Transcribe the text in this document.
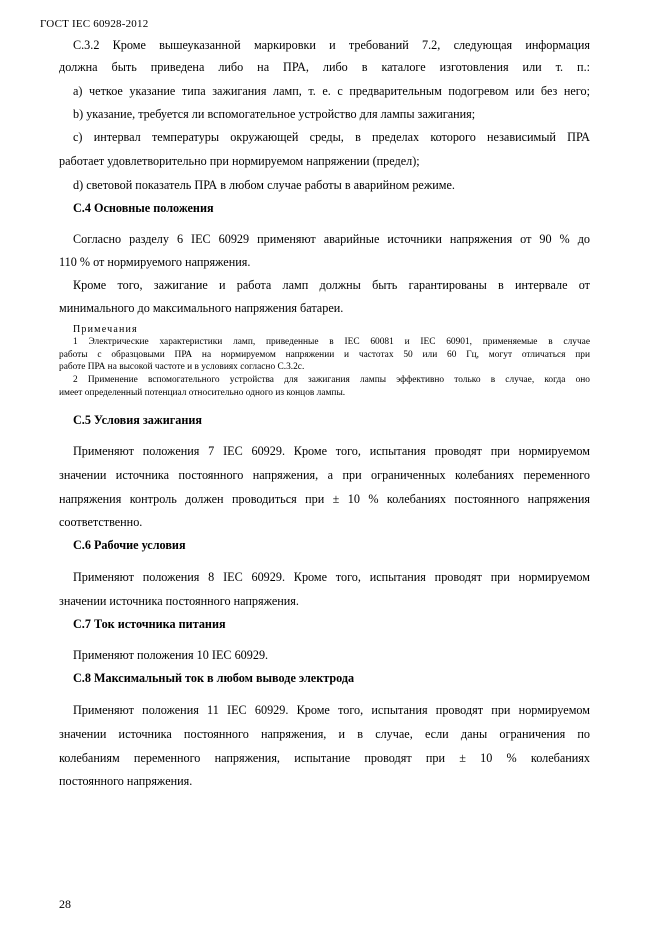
ГОСТ IEC 60928-2012
С.3.2 Кроме вышеуказанной маркировки и требований 7.2, следующая информация
должна быть приведена либо на ПРА, либо в каталоге изготовления или т. п.:
а) четкое указание типа зажигания ламп, т. е. с предварительным подогревом или без него;
b) указание, требуется ли вспомогательное устройство для лампы зажигания;
с) интервал температуры окружающей среды, в пределах которого независимый ПРА
работает удовлетворительно при нормируемом напряжении (предел);
d) световой показатель ПРА в любом случае работы в аварийном режиме.
С.4 Основные положения
Согласно разделу 6 IEC 60929 применяют аварийные источники напряжения от 90 % до
110 % от нормируемого напряжения.
Кроме того, зажигание и работа ламп должны быть гарантированы в интервале от
минимального до максимального напряжения батареи.
Примечания
1 Электрические характеристики ламп, приведенные в IEC 60081 и IEC 60901, применяемые в случае
работы с образцовыми ПРА на нормируемом напряжении и частотах 50 или 60 Гц, могут отличаться при
работе ПРА на высокой частоте и в условиях согласно С.3.2с.
2 Применение вспомогательного устройства для зажигания лампы эффективно только в случае, когда оно
имеет определенный потенциал относительно одного из концов лампы.
С.5 Условия зажигания
Применяют положения 7 IEC 60929. Кроме того, испытания проводят при нормируемом
значении источника постоянного напряжения, а при ограниченных колебаниях переменного
напряжения контроль должен проводиться при ± 10 % колебаниях постоянного напряжения
соответственно.
С.6 Рабочие условия
Применяют положения 8 IEC 60929. Кроме того, испытания проводят при нормируемом
значении источника постоянного напряжения.
С.7 Ток источника питания
Применяют положения 10 IEC 60929.
С.8 Максимальный ток в любом выводе электрода
Применяют положения 11 IEC 60929. Кроме того, испытания проводят при нормируемом
значении источника постоянного напряжения, и в случае, если даны ограничения по
колебаниям переменного напряжения, испытание проводят при ± 10 % колебаниях
постоянного напряжения.
28
